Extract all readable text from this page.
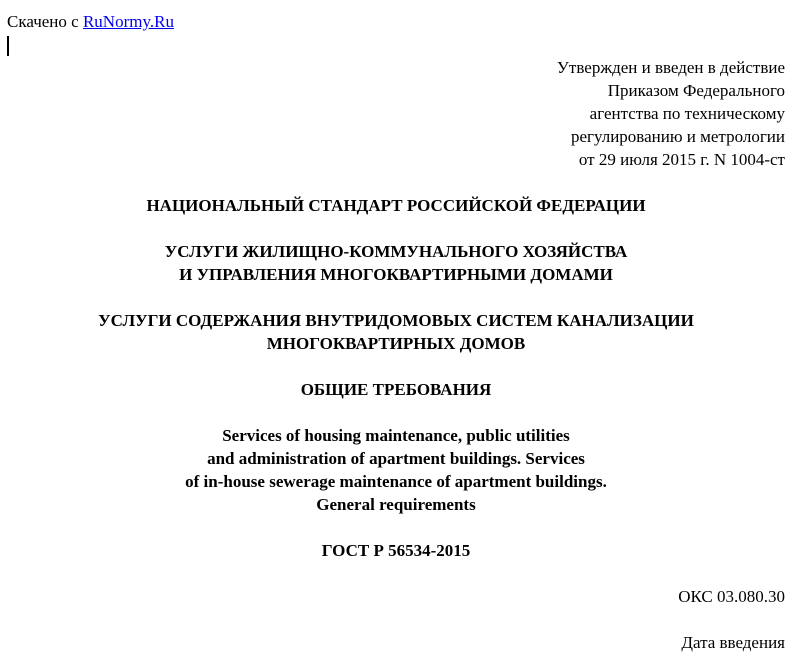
Скачено с RuNormy.Ru
Утвержден и введен в действие
Приказом Федерального
агентства по техническому
регулированию и метрологии
от 29 июля 2015 г. N 1004-ст
НАЦИОНАЛЬНЫЙ СТАНДАРТ РОССИЙСКОЙ ФЕДЕРАЦИИ
УСЛУГИ ЖИЛИЩНО-КОММУНАЛЬНОГО ХОЗЯЙСТВА
И УПРАВЛЕНИЯ МНОГОКВАРТИРНЫМИ ДОМАМИ
УСЛУГИ СОДЕРЖАНИЯ ВНУТРИДОМОВЫХ СИСТЕМ КАНАЛИЗАЦИИ
МНОГОКВАРТИРНЫХ ДОМОВ
ОБЩИЕ ТРЕБОВАНИЯ
Services of housing maintenance, public utilities
and administration of apartment buildings. Services
of in-house sewerage maintenance of apartment buildings.
General requirements
ГОСТ Р 56534-2015
ОКС 03.080.30
Дата введения
